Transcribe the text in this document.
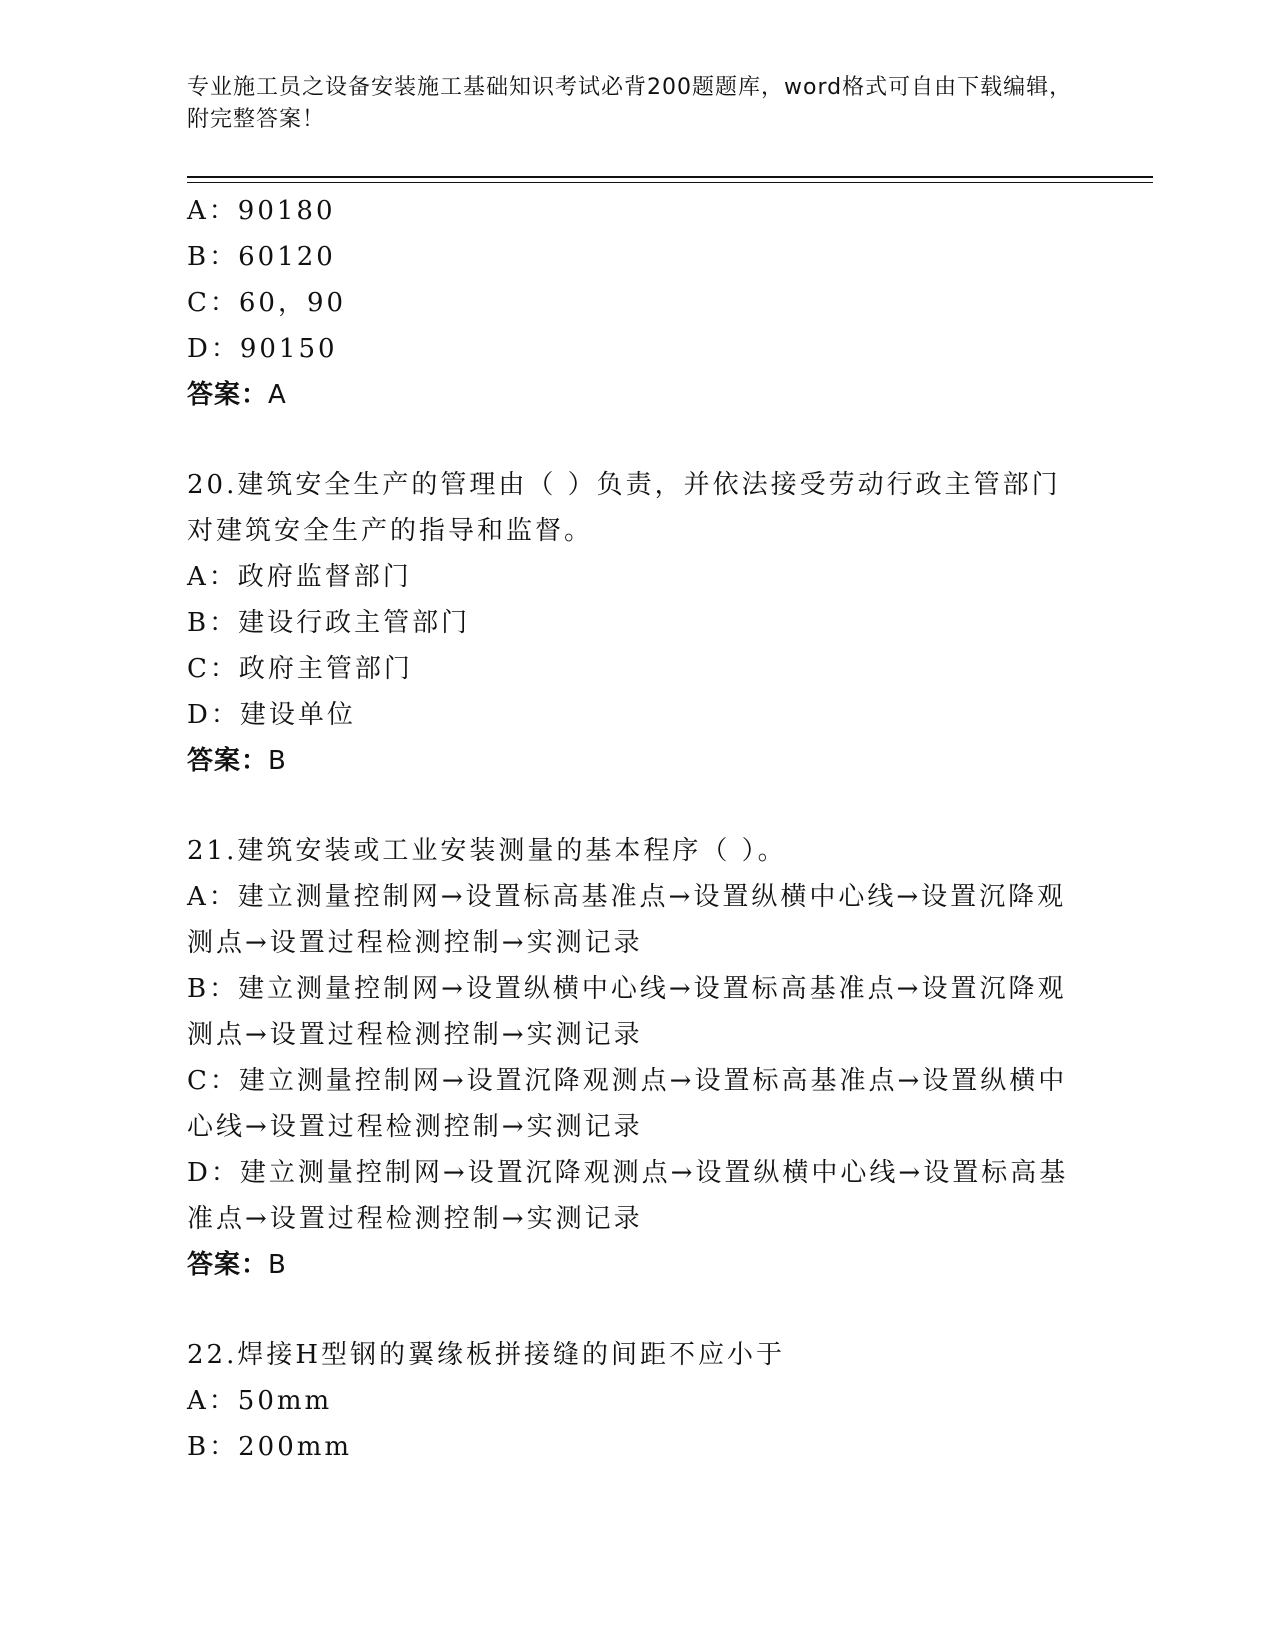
专业施工员之设备安装施工基础知识考试必背200题题库，word格式可自由下载编辑，附完整答案！
A：90180
B：60120
C：60，90
D：90150
答案：A
20.建筑安全生产的管理由（ ）负责，并依法接受劳动行政主管部门对建筑安全生产的指导和监督。
A：政府监督部门
B：建设行政主管部门
C：政府主管部门
D：建设单位
答案：B
21.建筑安装或工业安装测量的基本程序（ ）。
A：建立测量控制网→设置标高基准点→设置纵横中心线→设置沉降观测点→设置过程检测控制→实测记录
B：建立测量控制网→设置纵横中心线→设置标高基准点→设置沉降观测点→设置过程检测控制→实测记录
C：建立测量控制网→设置沉降观测点→设置标高基准点→设置纵横中心线→设置过程检测控制→实测记录
D：建立测量控制网→设置沉降观测点→设置纵横中心线→设置标高基准点→设置过程检测控制→实测记录
答案：B
22.焊接H型钢的翼缘板拼接缝的间距不应小于
A：50mm
B：200mm
